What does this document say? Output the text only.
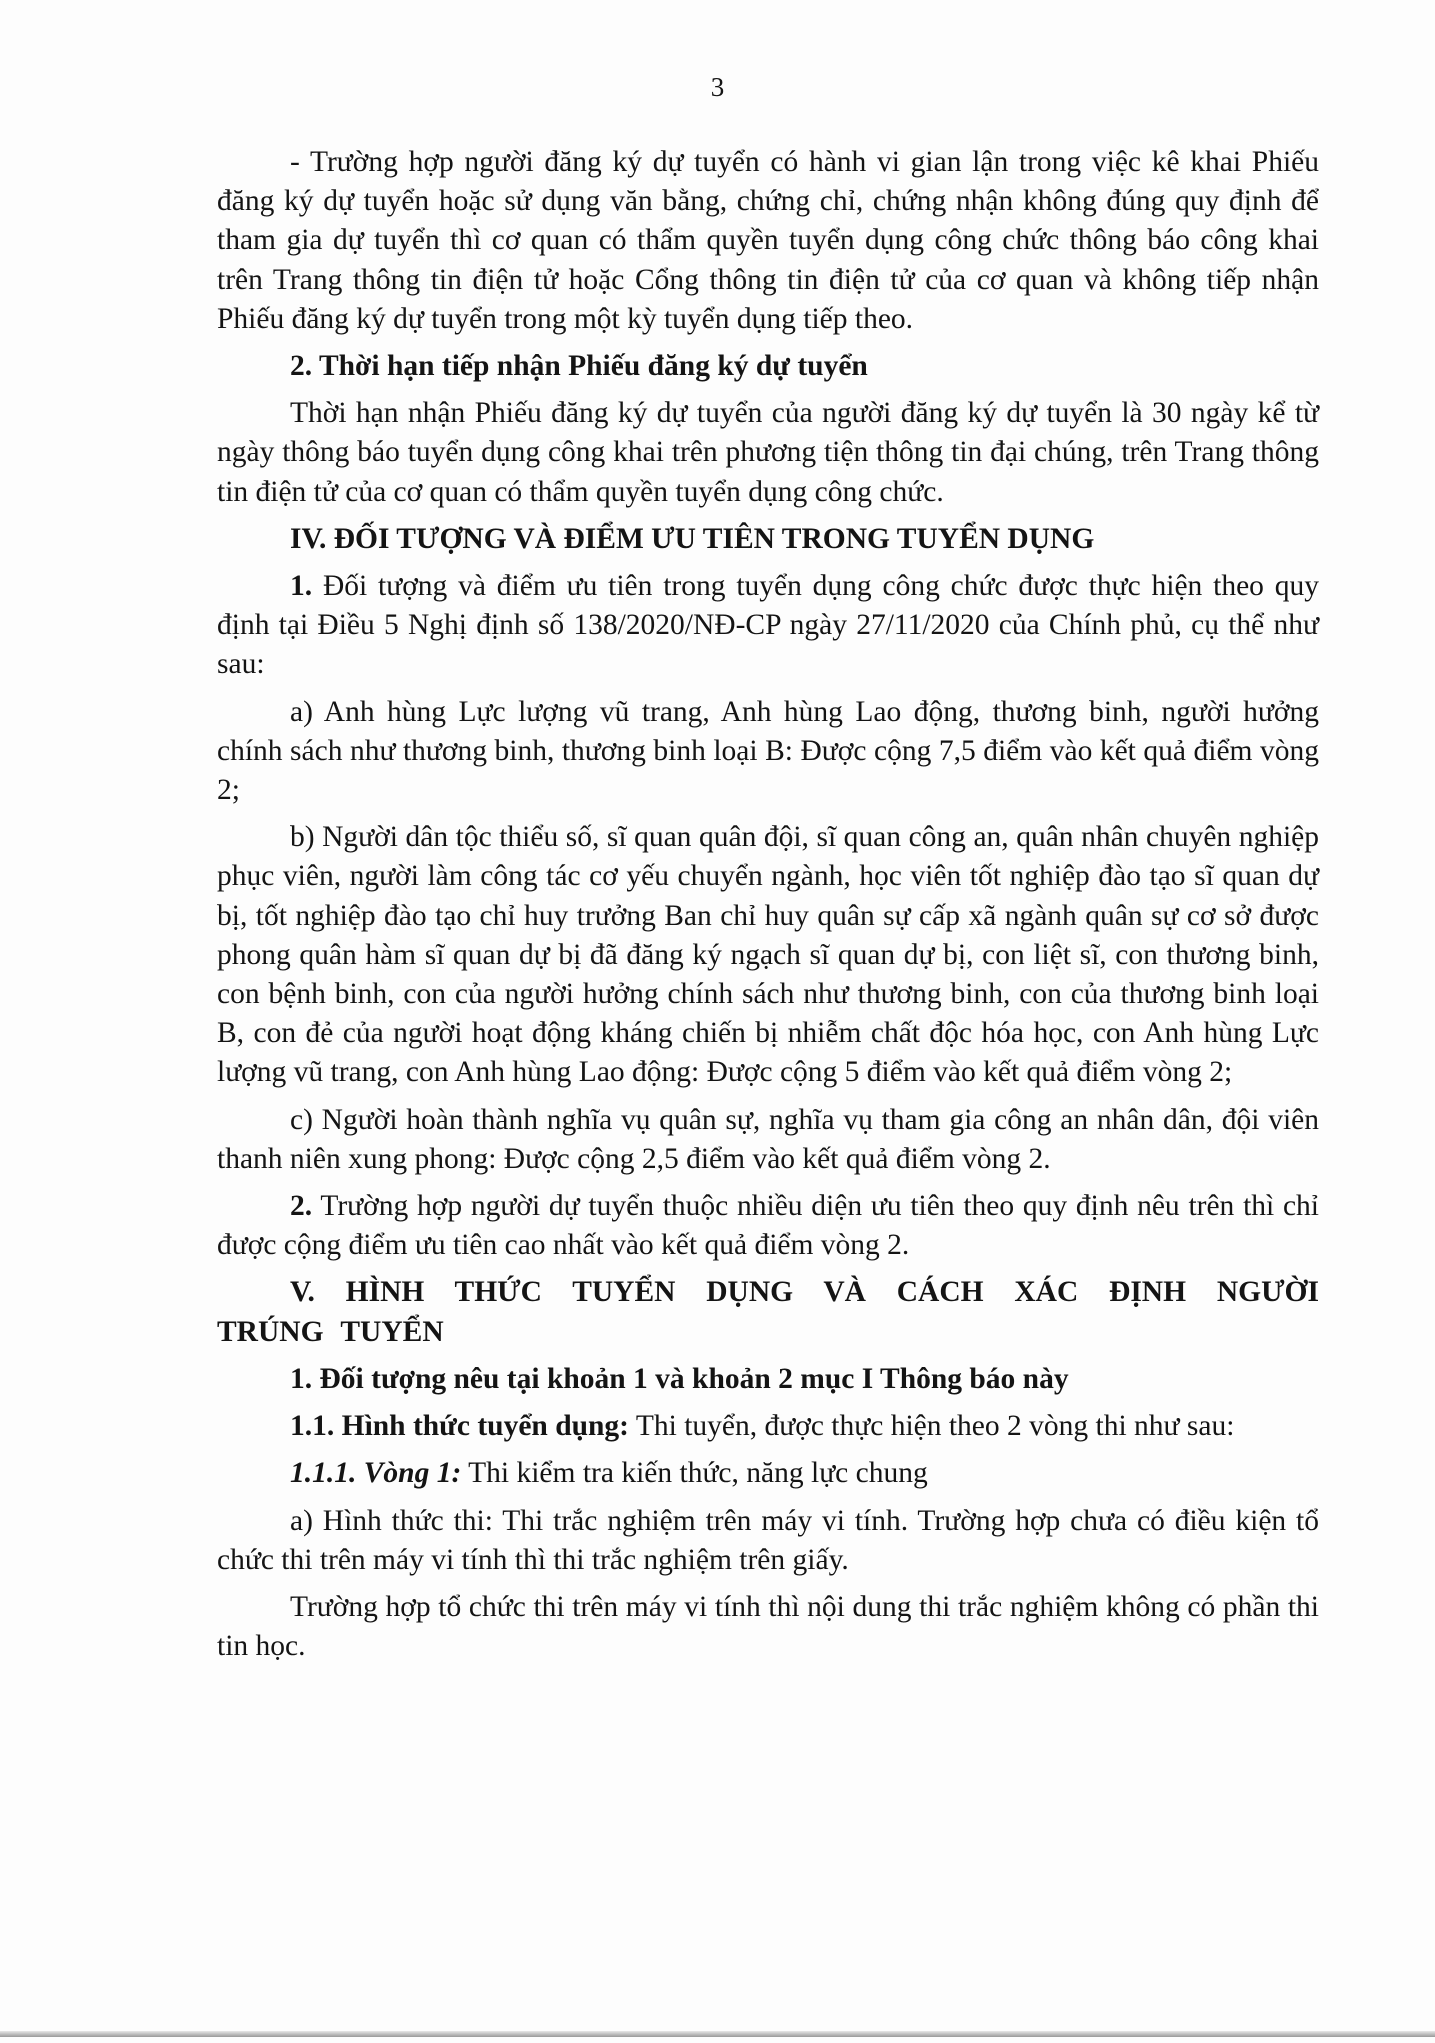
3

- Trường hợp người đăng ký dự tuyển có hành vi gian lận trong việc kê khai Phiếu đăng ký dự tuyển hoặc sử dụng văn bằng, chứng chỉ, chứng nhận không đúng quy định để tham gia dự tuyển thì cơ quan có thẩm quyền tuyển dụng công chức thông báo công khai trên Trang thông tin điện tử hoặc Cổng thông tin điện tử của cơ quan và không tiếp nhận Phiếu đăng ký dự tuyển trong một kỳ tuyển dụng tiếp theo.

2. Thời hạn tiếp nhận Phiếu đăng ký dự tuyển

Thời hạn nhận Phiếu đăng ký dự tuyển của người đăng ký dự tuyển là 30 ngày kể từ ngày thông báo tuyển dụng công khai trên phương tiện thông tin đại chúng, trên Trang thông tin điện tử của cơ quan có thẩm quyền tuyển dụng công chức.

IV. ĐỐI TƯỢNG VÀ ĐIỂM ƯU TIÊN TRONG TUYỂN DỤNG

1. Đối tượng và điểm ưu tiên trong tuyển dụng công chức được thực hiện theo quy định tại Điều 5 Nghị định số 138/2020/NĐ-CP ngày 27/11/2020 của Chính phủ, cụ thể như sau:

a) Anh hùng Lực lượng vũ trang, Anh hùng Lao động, thương binh, người hưởng chính sách như thương binh, thương binh loại B: Được cộng 7,5 điểm vào kết quả điểm vòng 2;

b) Người dân tộc thiểu số, sĩ quan quân đội, sĩ quan công an, quân nhân chuyên nghiệp phục viên, người làm công tác cơ yếu chuyển ngành, học viên tốt nghiệp đào tạo sĩ quan dự bị, tốt nghiệp đào tạo chỉ huy trưởng Ban chỉ huy quân sự cấp xã ngành quân sự cơ sở được phong quân hàm sĩ quan dự bị đã đăng ký ngạch sĩ quan dự bị, con liệt sĩ, con thương binh, con bệnh binh, con của người hưởng chính sách như thương binh, con của thương binh loại B, con đẻ của người hoạt động kháng chiến bị nhiễm chất độc hóa học, con Anh hùng Lực lượng vũ trang, con Anh hùng Lao động: Được cộng 5 điểm vào kết quả điểm vòng 2;

c) Người hoàn thành nghĩa vụ quân sự, nghĩa vụ tham gia công an nhân dân, đội viên thanh niên xung phong: Được cộng 2,5 điểm vào kết quả điểm vòng 2.

2. Trường hợp người dự tuyển thuộc nhiều diện ưu tiên theo quy định nêu trên thì chỉ được cộng điểm ưu tiên cao nhất vào kết quả điểm vòng 2.

V. HÌNH THỨC TUYỂN DỤNG VÀ CÁCH XÁC ĐỊNH NGƯỜI TRÚNG TUYỂN

1. Đối tượng nêu tại khoản 1 và khoản 2 mục I Thông báo này

1.1. Hình thức tuyển dụng: Thi tuyển, được thực hiện theo 2 vòng thi như sau:

1.1.1. Vòng 1: Thi kiểm tra kiến thức, năng lực chung

a) Hình thức thi: Thi trắc nghiệm trên máy vi tính. Trường hợp chưa có điều kiện tổ chức thi trên máy vi tính thì thi trắc nghiệm trên giấy.

Trường hợp tổ chức thi trên máy vi tính thì nội dung thi trắc nghiệm không có phần thi tin học.
